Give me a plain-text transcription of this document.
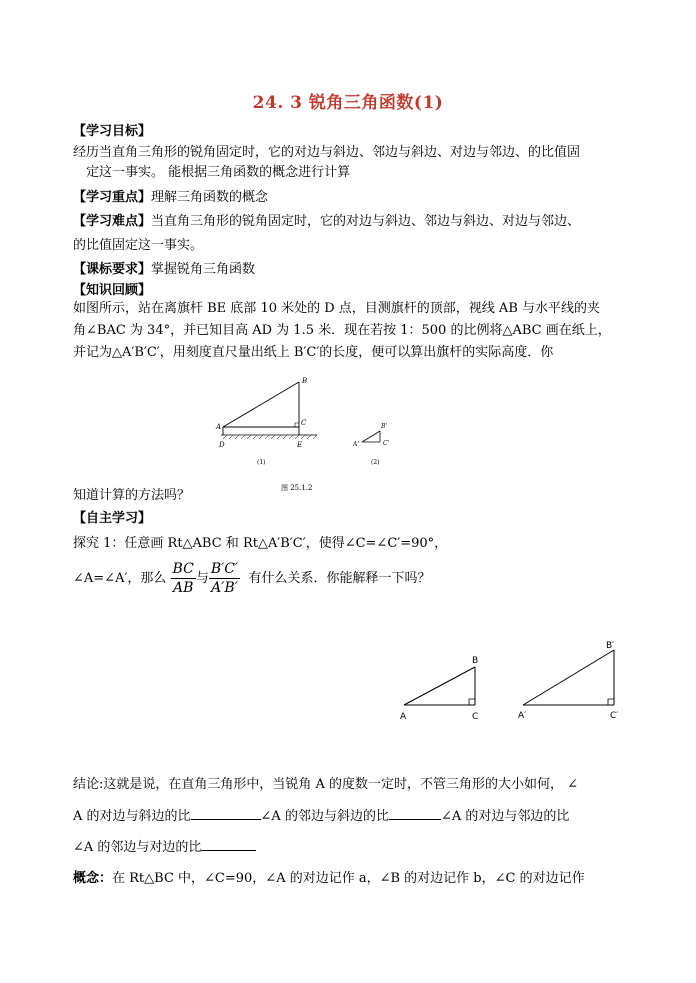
24. 3 锐角三角函数(1)
【学习目标】
经历当直角三角形的锐角固定时，它的对边与斜边、邻边与斜边、对边与邻边、的比值固
定这一事实。 能根据三角函数的概念进行计算
【学习重点】理解三角函数的概念
【学习难点】当直角三角形的锐角固定时，它的对边与斜边、邻边与斜边、对边与邻边、
的比值固定这一事实。
【课标要求】掌握锐角三角函数
【知识回顾】
如图所示，站在离旗杆 BE 底部 10 米处的 D 点，目测旗杆的顶部，视线 AB 与水平线的夹
角∠BAC 为 34°，并已知目高 AD 为 1.5 米．现在若按 1：500 的比例将△ABC 画在纸上，
并记为△A′B′C′，用刻度直尺量出纸上 B′C′的长度，便可以算出旗杆的实际高度．你
B
A	C
D	E
(1)
B'
A'	C'
(2)
图 25.1.2
知道计算的方法吗？
【自主学习】
探究 1：任意画 Rt△ABC 和 Rt△A′B′C′，使得∠C=∠C′=90°，
∠A=∠A′，那么 $\frac{BC}{AB}$ 与 $\frac{B'C'}{A'B'}$ 有什么关系．你能解释一下吗？
B
A	C
B′
A′	C′
结论:这就是说，在直角三角形中，当锐角 A 的度数一定时，不管三角形的大小如何， ∠
A 的对边与斜边的比	∠A 的邻边与斜边的比	∠A 的对边与邻边的比
∠A 的邻边与对边的比
概念：在 Rt△BC 中，∠C=90，∠A 的对边记作 a，∠B 的对边记作 b，∠C 的对边记作
